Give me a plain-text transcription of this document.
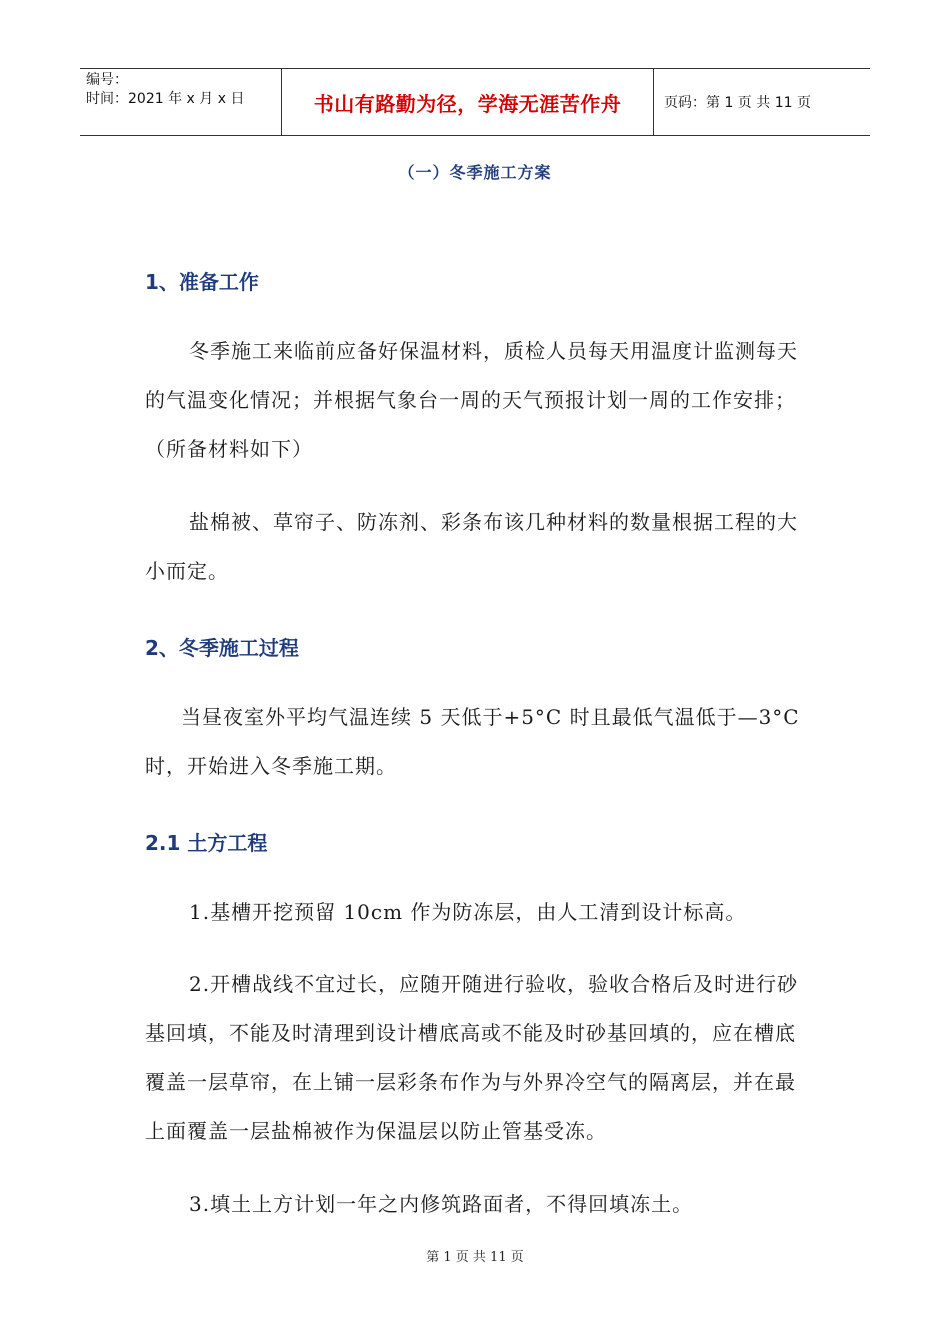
编号：
时间：2021 年 x 月 x 日	书山有路勤为径，学海无涯苦作舟	页码：第 1 页 共 11 页
（一）冬季施工方案
1、准备工作
冬季施工来临前应备好保温材料，质检人员每天用温度计监测每天的气温变化情况；并根据气象台一周的天气预报计划一周的工作安排；（所备材料如下）
盐棉被、草帘子、防冻剂、彩条布该几种材料的数量根据工程的大小而定。
2、冬季施工过程
当昼夜室外平均气温连续 5 天低于+5°C 时且最低气温低于—3°C 时，开始进入冬季施工期。
2.1 土方工程
1.基槽开挖预留 10cm 作为防冻层，由人工清到设计标高。
2.开槽战线不宜过长，应随开随进行验收，验收合格后及时进行砂基回填，不能及时清理到设计槽底高或不能及时砂基回填的，应在槽底覆盖一层草帘，在上铺一层彩条布作为与外界冷空气的隔离层，并在最上面覆盖一层盐棉被作为保温层以防止管基受冻。
3.填土上方计划一年之内修筑路面者，不得回填冻土。
第 1 页 共 11 页
